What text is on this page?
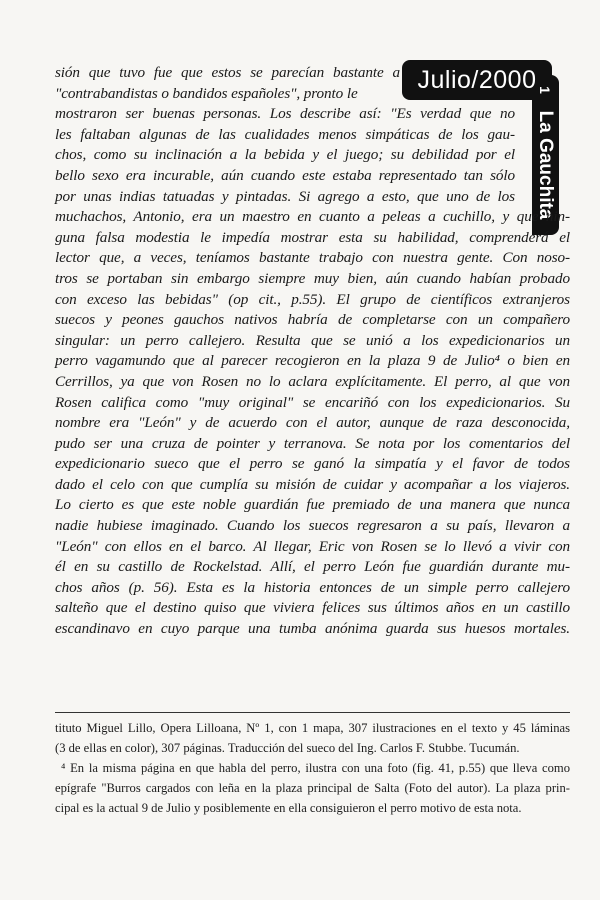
Julio/2000 1
La Gauchita
sión que tuvo fue que estos se parecían bastante a
"contrabandistas o bandidos españoles", pronto le
mostraron ser buenas personas. Los describe así: "Es verdad que no
les faltaban algunas de las cualidades menos simpáticas de los gau-
chos, como su inclinación a la bebida y el juego; su debilidad por el
bello sexo era incurable, aún cuando este estaba representado tan sólo
por unas indias tatuadas y pintadas. Si agrego a esto, que uno de los
muchachos, Antonio, era un maestro en cuanto a peleas a cuchillo, y que nin-
guna falsa modestia le impedía mostrar esta su habilidad, comprenderá el
lector que, a veces, teníamos bastante trabajo con nuestra gente. Con noso-
tros se portaban sin embargo siempre muy bien, aún cuando habían probado
con exceso las bebidas" (op cit., p.55). El grupo de científicos extranjeros
suecos y peones gauchos nativos habría de completarse con un compañero
singular: un perro callejero. Resulta que se unió a los expedicionarios un
perro vagamundo que al parecer recogieron en la plaza 9 de Julio⁴ o bien en
Cerrillos, ya que von Rosen no lo aclara explícitamente. El perro, al que von
Rosen califica como "muy original" se encariñó con los expedicionarios. Su
nombre era "León" y de acuerdo con el autor, aunque de raza desconocida,
pudo ser una cruza de pointer y terranova. Se nota por los comentarios del
expedicionario sueco que el perro se ganó la simpatía y el favor de todos
dado el celo con que cumplía su misión de cuidar y acompañar a los viajeros.
Lo cierto es que este noble guardián fue premiado de una manera que nunca
nadie hubiese imaginado. Cuando los suecos regresaron a su país, llevaron a
"León" con ellos en el barco. Al llegar, Eric von Rosen se lo llevó a vivir con
él en su castillo de Rockelstad. Allí, el perro León fue guardián durante mu-
chos años (p. 56). Esta es la historia entonces de un simple perro callejero
salteño que el destino quiso que viviera felices sus últimos años en un castillo
escandinavo en cuyo parque una tumba anónima guarda sus huesos mortales.
tituto Miguel Lillo, Opera Lilloana, Nº 1, con 1 mapa, 307 ilustraciones en el texto y 45 láminas
(3 de ellas en color), 307 páginas. Traducción del sueco del Ing. Carlos F. Stubbe. Tucumán.
⁴ En la misma página en que habla del perro, ilustra con una foto (fig. 41, p.55) que lleva como
epígrafe "Burros cargados con leña en la plaza principal de Salta (Foto del autor). La plaza prin-
cipal es la actual 9 de Julio y posiblemente en ella consiguieron el perro motivo de esta nota.
